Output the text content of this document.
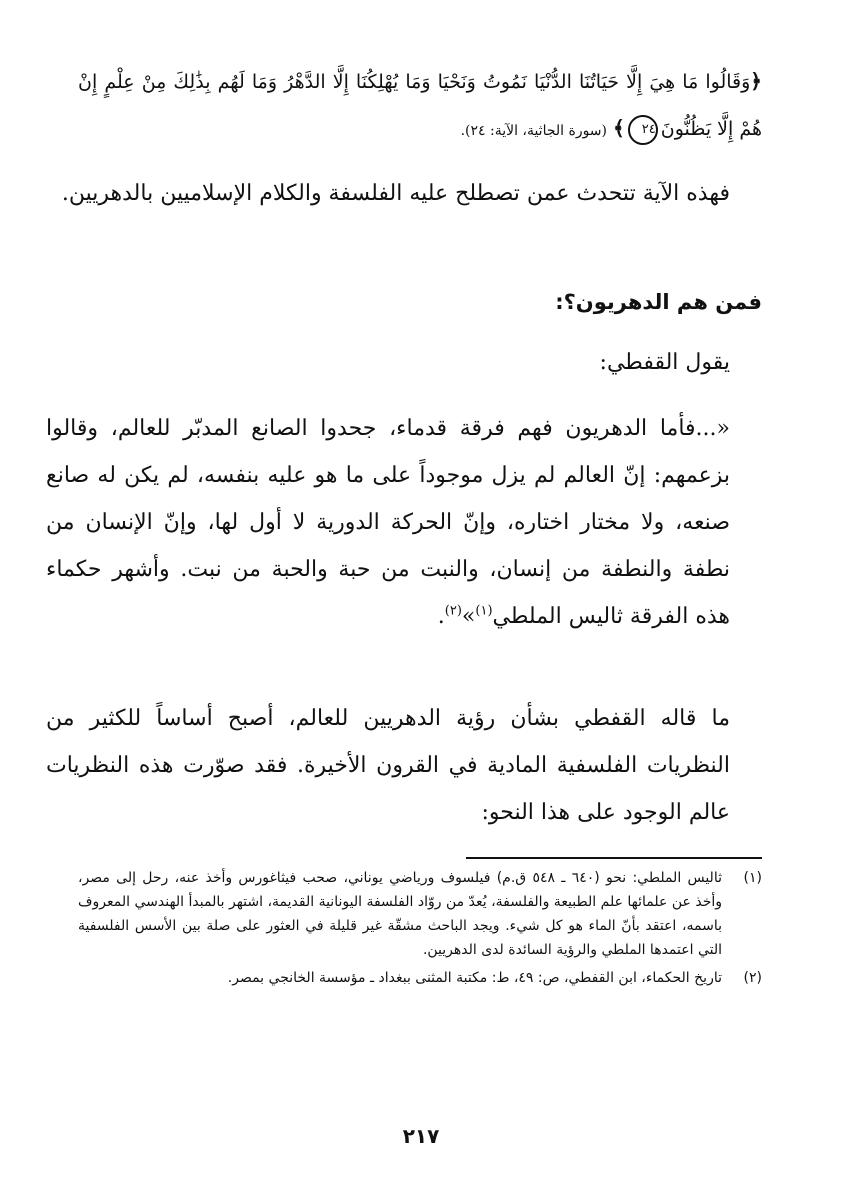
﴿وَقَالُوا مَا هِيَ إِلَّا حَيَاتُنَا الدُّنْيَا نَمُوتُ وَنَحْيَا وَمَا يُهْلِكُنَا إِلَّا الدَّهْرُ وَمَا لَهُم بِذَٰلِكَ مِنْ عِلْمٍ إِنْ هُمْ إِلَّا يَظُنُّونَ٢٤﴾ (سورة الجاثية، الآية: ٢٤).

فهذه الآية تتحدث عمن تصطلح عليه الفلسفة والكلام الإسلاميين بالدهريين.

فمن هم الدهريون؟:

يقول القفطي:

«...فأما الدهريون فهم فرقة قدماء، جحدوا الصانع المدبّر للعالم، وقالوا بزعمهم: إنّ العالم لم يزل موجوداً على ما هو عليه بنفسه، لم يكن له صانع صنعه، ولا مختار اختاره، وإنّ الحركة الدورية لا أول لها، وإنّ الإنسان من نطفة والنطفة من إنسان، والنبت من حبة والحبة من نبت. وأشهر حكماء هذه الفرقة ثاليس الملطي$^{(١)}$»$^{(٢)}$.

ما قاله القفطي بشأن رؤية الدهريين للعالم، أصبح أساساً للكثير من النظريات الفلسفية المادية في القرون الأخيرة. فقد صوّرت هذه النظريات عالم الوجود على هذا النحو:

(١)
ثاليس الملطي: نحو (٦٤٠ ـ ٥٤٨ ق.م) فيلسوف ورياضي يوناني، صحب فيثاغورس وأخذ عنه، رحل إلى مصر، وأخذ عن علمائها علم الطبيعة والفلسفة، يُعدّ من روّاد الفلسفة اليونانية القديمة، اشتهر بالمبدأ الهندسي المعروف باسمه، اعتقد بأنّ الماء هو كل شيء. ويجد الباحث مشقّة غير قليلة في العثور على صلة بين الأسس الفلسفية التي اعتمدها الملطي والرؤية السائدة لدى الدهريين.
(٢)
تاريخ الحكماء، ابن القفطي، ص: ٤٩، ط: مكتبة المثنى ببغداد ـ مؤسسة الخانجي بمصر.
٢١٧
